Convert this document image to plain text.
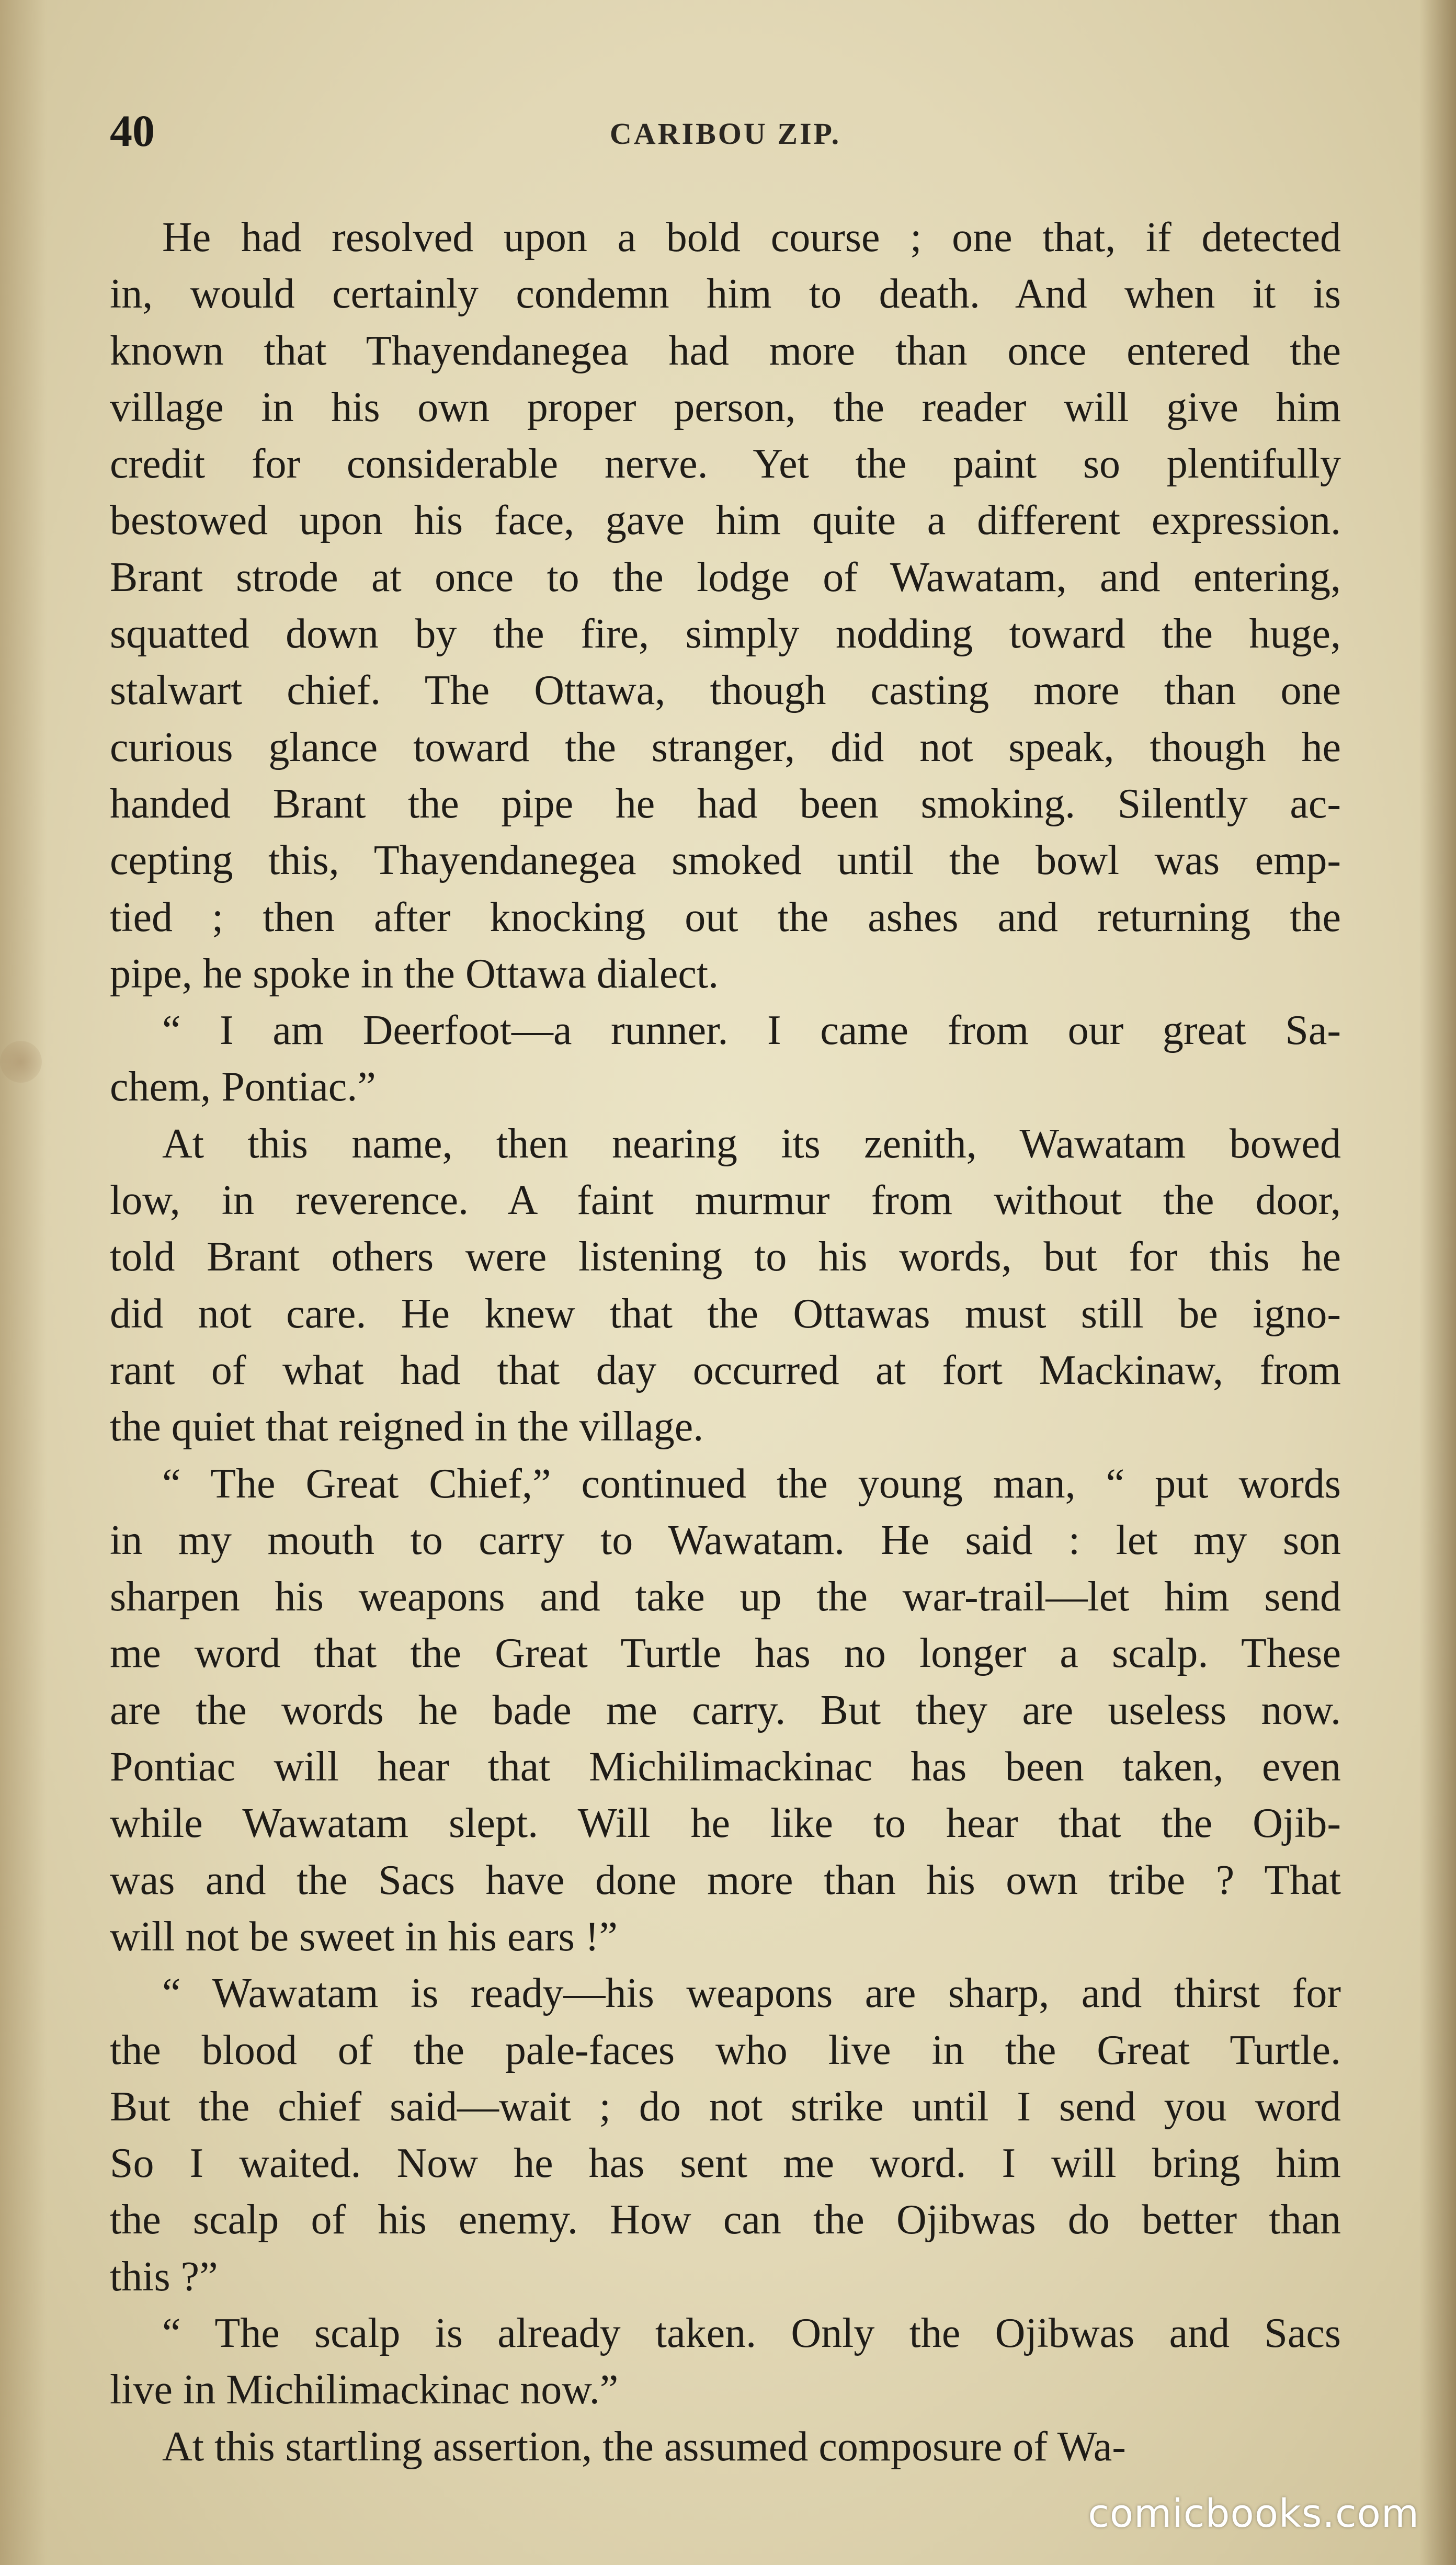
40	CARIBOU ZIP.
He had resolved upon a bold course ; one that, if detected
in, would certainly condemn him to death. And when it is
known that Thayendanegea had more than once entered the
village in his own proper person, the reader will give him
credit for considerable nerve. Yet the paint so plentifully
bestowed upon his face, gave him quite a different expression.
Brant strode at once to the lodge of Wawatam, and entering,
squatted down by the fire, simply nodding toward the huge,
stalwart chief. The Ottawa, though casting more than one
curious glance toward the stranger, did not speak, though he
handed Brant the pipe he had been smoking. Silently ac-
cepting this, Thayendanegea smoked until the bowl was emp-
tied ; then after knocking out the ashes and returning the
pipe, he spoke in the Ottawa dialect.
“ I am Deerfoot—a runner. I came from our great Sa-
chem, Pontiac.”
At this name, then nearing its zenith, Wawatam bowed
low, in reverence. A faint murmur from without the door,
told Brant others were listening to his words, but for this he
did not care. He knew that the Ottawas must still be igno-
rant of what had that day occurred at fort Mackinaw, from
the quiet that reigned in the village.
“ The Great Chief,” continued the young man, “ put words
in my mouth to carry to Wawatam. He said : let my son
sharpen his weapons and take up the war-trail—let him send
me word that the Great Turtle has no longer a scalp. These
are the words he bade me carry. But they are useless now.
Pontiac will hear that Michilimackinac has been taken, even
while Wawatam slept. Will he like to hear that the Ojib-
was and the Sacs have done more than his own tribe ? That
will not be sweet in his ears !”
“ Wawatam is ready—his weapons are sharp, and thirst for
the blood of the pale-faces who live in the Great Turtle.
But the chief said—wait ; do not strike until I send you word
So I waited. Now he has sent me word. I will bring him
the scalp of his enemy. How can the Ojibwas do better than
this ?”
“ The scalp is already taken. Only the Ojibwas and Sacs
live in Michilimackinac now.”
At this startling assertion, the assumed composure of Wa-
comicbooks.com
